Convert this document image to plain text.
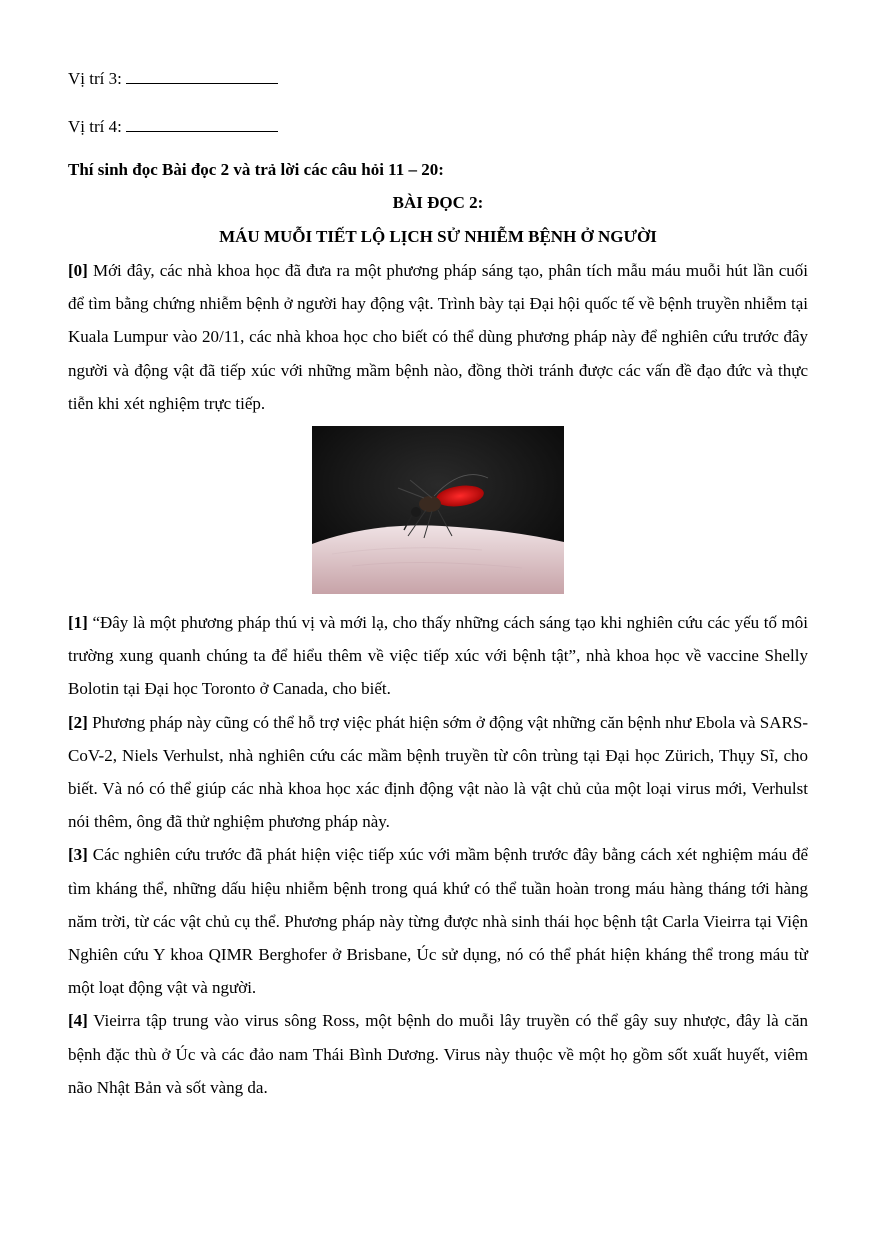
Vị trí 3:

Vị trí 4:

Thí sinh đọc Bài đọc 2 và trả lời các câu hỏi 11 – 20:

BÀI ĐỌC 2:

MÁU MUỖI TIẾT LỘ LỊCH SỬ NHIỄM BỆNH Ở NGƯỜI

[0] Mới đây, các nhà khoa học đã đưa ra một phương pháp sáng tạo, phân tích mẫu máu muỗi hút lần cuối để tìm bằng chứng nhiễm bệnh ở người hay động vật. Trình bày tại Đại hội quốc tế về bệnh truyền nhiễm tại Kuala Lumpur vào 20/11, các nhà khoa học cho biết có thể dùng phương pháp này để nghiên cứu trước đây người và động vật đã tiếp xúc với những mầm bệnh nào, đồng thời tránh được các vấn đề đạo đức và thực tiễn khi xét nghiệm trực tiếp.

[1] “Đây là một phương pháp thú vị và mới lạ, cho thấy những cách sáng tạo khi nghiên cứu các yếu tố môi trường xung quanh chúng ta để hiểu thêm về việc tiếp xúc với bệnh tật”, nhà khoa học về vaccine Shelly Bolotin tại Đại học Toronto ở Canada, cho biết.

[2] Phương pháp này cũng có thể hỗ trợ việc phát hiện sớm ở động vật những căn bệnh như Ebola và SARS-CoV-2, Niels Verhulst, nhà nghiên cứu các mầm bệnh truyền từ côn trùng tại Đại học Zürich, Thụy Sĩ, cho biết. Và nó có thể giúp các nhà khoa học xác định động vật nào là vật chủ của một loại virus mới, Verhulst nói thêm, ông đã thử nghiệm phương pháp này.

[3] Các nghiên cứu trước đã phát hiện việc tiếp xúc với mầm bệnh trước đây bằng cách xét nghiệm máu để tìm kháng thể, những dấu hiệu nhiễm bệnh trong quá khứ có thể tuần hoàn trong máu hàng tháng tới hàng năm trời, từ các vật chủ cụ thể. Phương pháp này từng được nhà sinh thái học bệnh tật Carla Vieirra tại Viện Nghiên cứu Y khoa QIMR Berghofer ở Brisbane, Úc sử dụng, nó có thể phát hiện kháng thể trong máu từ một loạt động vật và người.

[4] Vieirra tập trung vào virus sông Ross, một bệnh do muỗi lây truyền có thể gây suy nhược, đây là căn bệnh đặc thù ở Úc và các đảo nam Thái Bình Dương. Virus này thuộc về một họ gồm sốt xuất huyết, viêm não Nhật Bản và sốt vàng da.
